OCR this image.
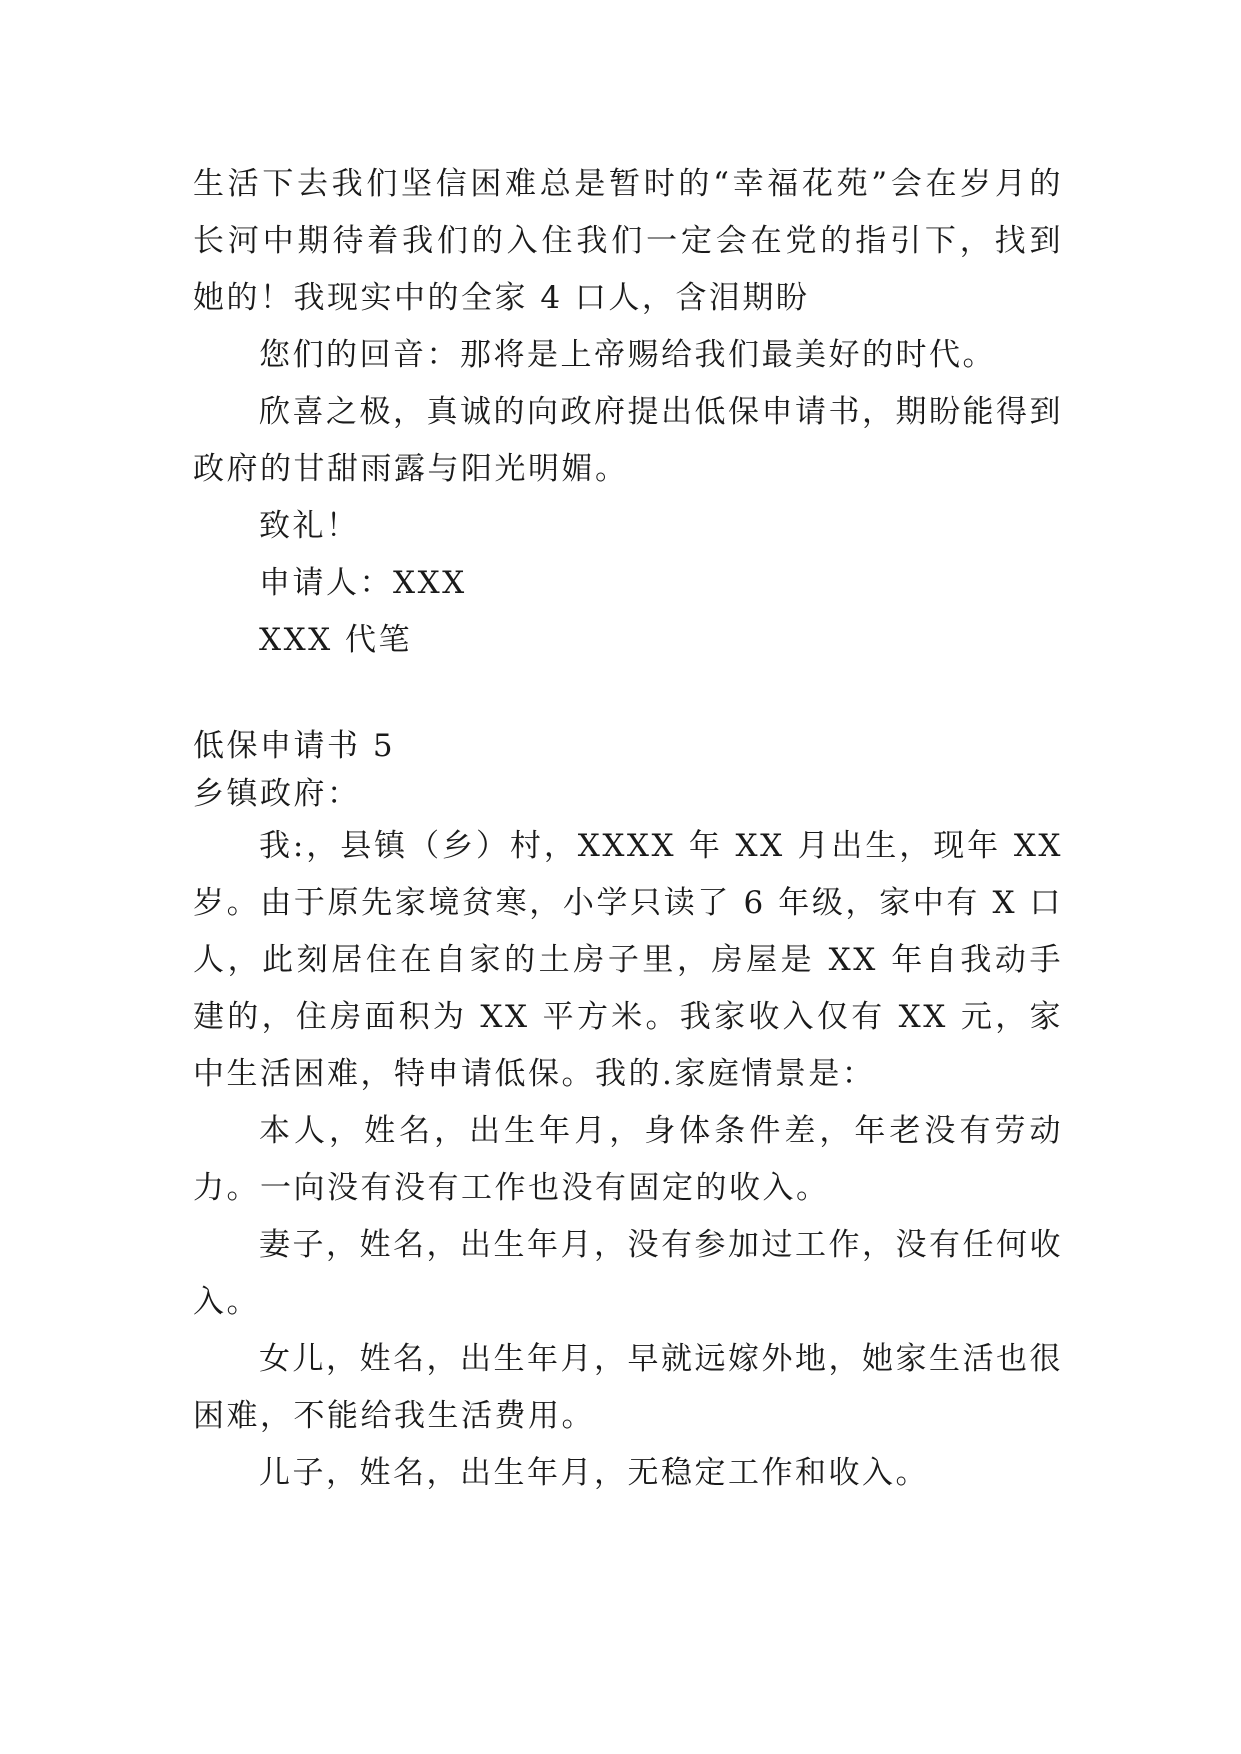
生活下去我们坚信困难总是暂时的“幸福花苑”会在岁月的长河中期待着我们的入住我们一定会在党的指引下，找到她的！我现实中的全家 4 口人，含泪期盼

您们的回音：那将是上帝赐给我们最美好的时代。

欣喜之极，真诚的向政府提出低保申请书，期盼能得到政府的甘甜雨露与阳光明媚。

致礼！

申请人：XXX

XXX 代笔

低保申请书 5

乡镇政府：

我:，县镇（乡）村，XXXX 年 XX 月出生，现年 XX 岁。由于原先家境贫寒，小学只读了 6 年级，家中有 X 口人，此刻居住在自家的土房子里，房屋是 XX 年自我动手建的，住房面积为 XX 平方米。我家收入仅有 XX 元，家中生活困难，特申请低保。我的.家庭情景是：

本人，姓名，出生年月，身体条件差，年老没有劳动力。一向没有没有工作也没有固定的收入。

妻子，姓名，出生年月，没有参加过工作，没有任何收入。

女儿，姓名，出生年月，早就远嫁外地，她家生活也很困难，不能给我生活费用。

儿子，姓名，出生年月，无稳定工作和收入。
